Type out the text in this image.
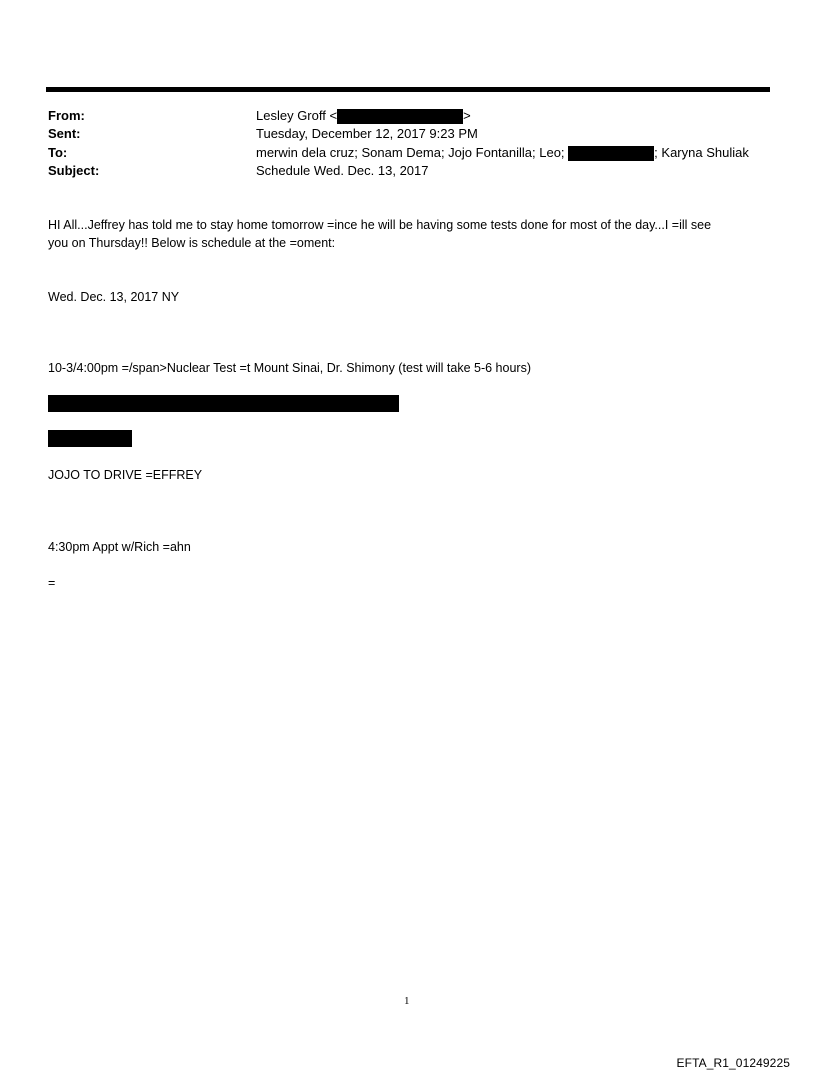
From:	Lesley Groff <	>
Sent:	Tuesday, December 12, 2017 9:23 PM
To:	merwin dela cruz; Sonam Dema; Jojo Fontanilla; Leo;	; Karyna Shuliak
Subject:	Schedule Wed. Dec. 13, 2017
HI All...Jeffrey has told me to stay home tomorrow =ince he will be having some tests done for most of the day...I =ill see
you on Thursday!! Below is schedule at the =oment:
Wed. Dec. 13, 2017 NY
10-3/4:00pm =/span>Nuclear Test =t Mount Sinai, Dr. Shimony (test will take 5-6 hours)
JOJO TO DRIVE =EFFREY
4:30pm Appt w/Rich =ahn
=
1
EFTA_R1_01249225
